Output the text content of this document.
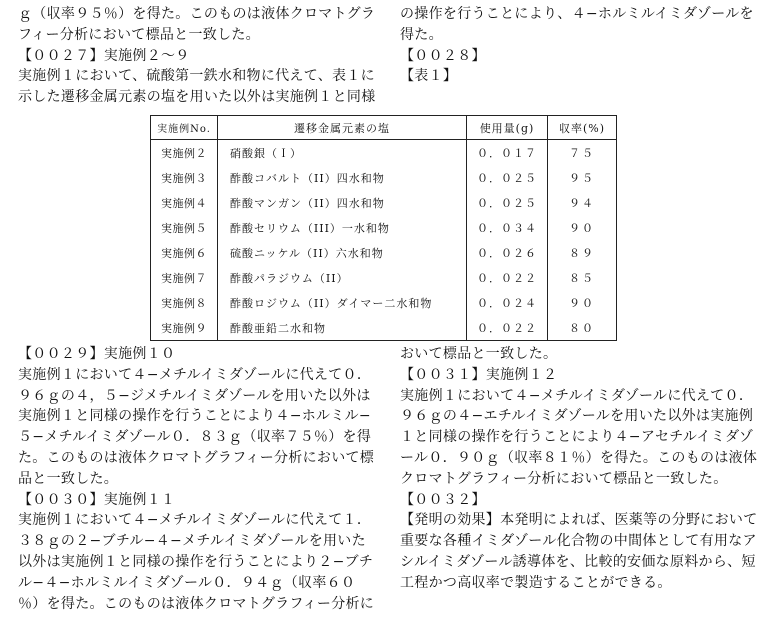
ｇ（収率９５％）を得た。このものは液体クロマトグラ
フィー分析において標品と一致した。
【００２７】実施例２〜９
実施例１において、硫酸第一鉄水和物に代えて、表１に
示した遷移金属元素の塩を用いた以外は実施例１と同様
の操作を行うことにより、４−ホルミルイミダゾールを
得た。
【００２８】
【表１】
実施例No.	遷移金属元素の塩	使用量(g)	収率(%)
実施例２	硝酸銀（Ｉ）	０．０１７	７５
実施例３	酢酸コバルト（II）四水和物	０．０２５	９５
実施例４	酢酸マンガン（II）四水和物	０．０２５	９４
実施例５	酢酸セリウム（III）一水和物	０．０３４	９０
実施例６	硫酸ニッケル（II）六水和物	０．０２６	８９
実施例７	酢酸パラジウム（II）	０．０２２	８５
実施例８	酢酸ロジウム（II）ダイマー二水和物	０．０２４	９０
実施例９	酢酸亜鉛二水和物	０．０２２	８０
【００２９】実施例１０
実施例１において４−メチルイミダゾールに代えて０．
９６ｇの４，５−ジメチルイミダゾールを用いた以外は
実施例１と同様の操作を行うことにより４−ホルミル−
５−メチルイミダゾール０．８３ｇ（収率７５％）を得
た。このものは液体クロマトグラフィー分析において標
品と一致した。
【００３０】実施例１１
実施例１において４−メチルイミダゾールに代えて１．
３８ｇの２−ブチル−４−メチルイミダゾールを用いた
以外は実施例１と同様の操作を行うことにより２−ブチ
ル−４−ホルミルイミダゾール０．９４ｇ（収率６０
％）を得た。このものは液体クロマトグラフィー分析に
おいて標品と一致した。
【００３１】実施例１２
実施例１において４−メチルイミダゾールに代えて０．
９６ｇの４−エチルイミダゾールを用いた以外は実施例
１と同様の操作を行うことにより４−アセチルイミダゾ
ール０．９０ｇ（収率８１％）を得た。このものは液体
クロマトグラフィー分析において標品と一致した。
【００３２】
【発明の効果】本発明によれば、医薬等の分野において
重要な各種イミダゾール化合物の中間体として有用なア
シルイミダゾール誘導体を、比較的安価な原料から、短
工程かつ高収率で製造することができる。
